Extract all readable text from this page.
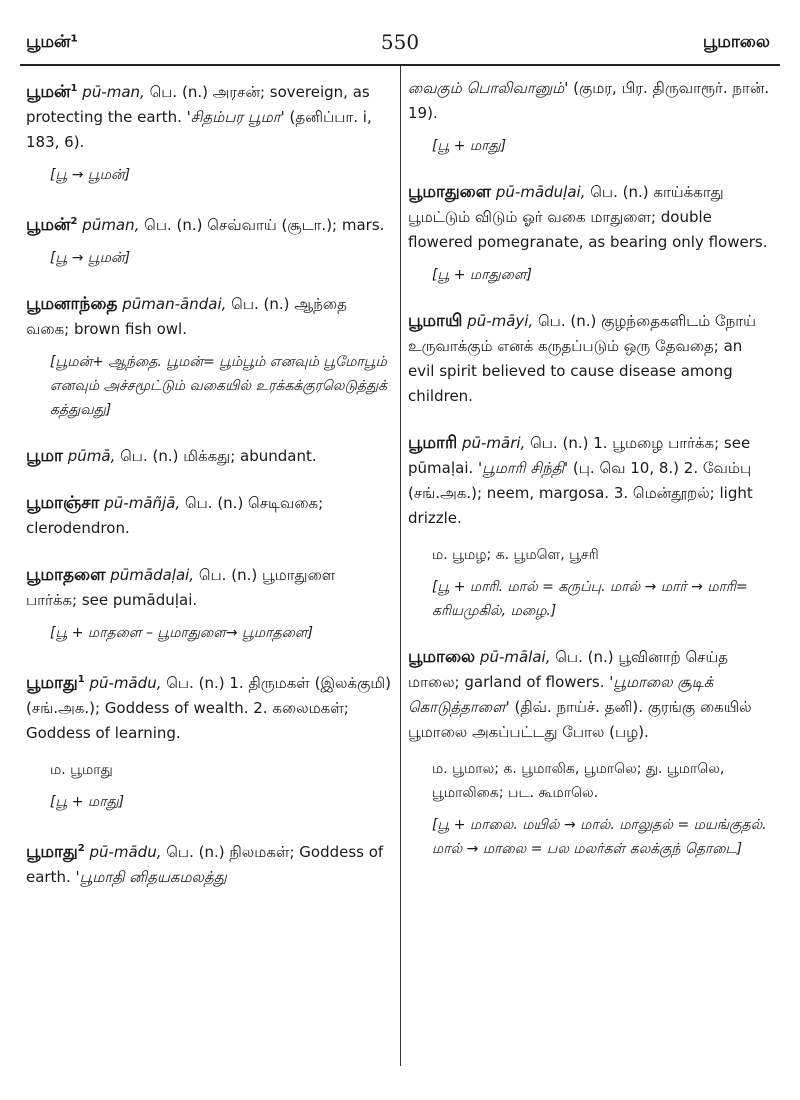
பூமன்¹	550	பூமாலை

பூமன்$^1$ pū-man, பெ. (n.) அரசன்; sovereign, as protecting the earth. 'சிதம்பர பூமா' (தனிப்பா. i, 183, 6).

[பூ → பூமன்]

பூமன்$^2$ pūman, பெ. (n.) செவ்வாய் (சூடா.); mars.

[பூ → பூமன்]

பூமனாந்தை pūman-āndai, பெ. (n.) ஆந்தை வகை; brown fish owl.

[பூமன்+ ஆந்தை. பூமன்= பூம்பூம் எனவும் பூமோபூம் எனவும் அச்சமூட்டும் வகையில் உரக்கக்குரலெடுத்துக் கத்துவது]

பூமா pūmā, பெ. (n.) மிக்கது; abundant.

பூமாஞ்சா pū-māñjā, பெ. (n.) செடிவகை; clerodendron.

பூமாதளை pūmādaḷai, பெ. (n.) பூமாதுளை பார்க்க; see pumāduḷai.

[பூ + மாதளை – பூமாதுளை→ பூமாதளை]

பூமாது$^1$ pū-mādu, பெ. (n.) 1. திருமகள் (இலக்குமி) (சங்.அக.); Goddess of wealth. 2. கலைமகள்; Goddess of learning.

ம. பூமாது
[பூ + மாது]

பூமாது$^2$ pū-mādu, பெ. (n.) நிலமகள்; Goddess of earth. 'பூமாதி னிதயகமலத்து

வைகும் பொலிவானும்' (குமர, பிர. திருவாரூர். நான். 19).

[பூ + மாது]

பூமாதுளை pū-māduḷai, பெ. (n.) காய்க்காது பூமட்டும் விடும் ஓர் வகை மாதுளை; double flowered pomegranate, as bearing only flowers.

[பூ + மாதுளை]

பூமாயி pū-māyi, பெ. (n.) குழந்தைகளிடம் நோய் உருவாக்கும் எனக் கருதப்படும் ஒரு தேவதை; an evil spirit believed to cause disease among children.

பூமாரி pū-māri, பெ. (n.) 1. பூமழை பார்க்க; see pūmaḷai. 'பூமாரி சிந்தி' (பு. வெ 10, 8.) 2. வேம்பு (சங்.அக.); neem, margosa. 3. மென்தூறல்; light drizzle.

ம. பூமழ; க. பூமளெ, பூசரி
[பூ + மாரி. மால் = கருப்பு. மால் → மார் → மாரி= கரியமுகில், மழை.]

பூமாலை pū-mālai, பெ. (n.) பூவினாற் செய்த மாலை; garland of flowers. 'பூமாலை சூடிக் கொடுத்தாளை' (திவ். நாய்ச். தனி). குரங்கு கையில் பூமாலை அகப்பட்டது போல (பழ).

ம. பூமால; க. பூமாலிக, பூமாலெ; து. பூமாலெ, பூமாலிகை; பட. கூமாலெ.
[பூ + மாலை. மயில் → மால். மாலுதல் = மயங்குதல். மால் → மாலை = பல மலர்கள் கலக்குந் தொடை]
